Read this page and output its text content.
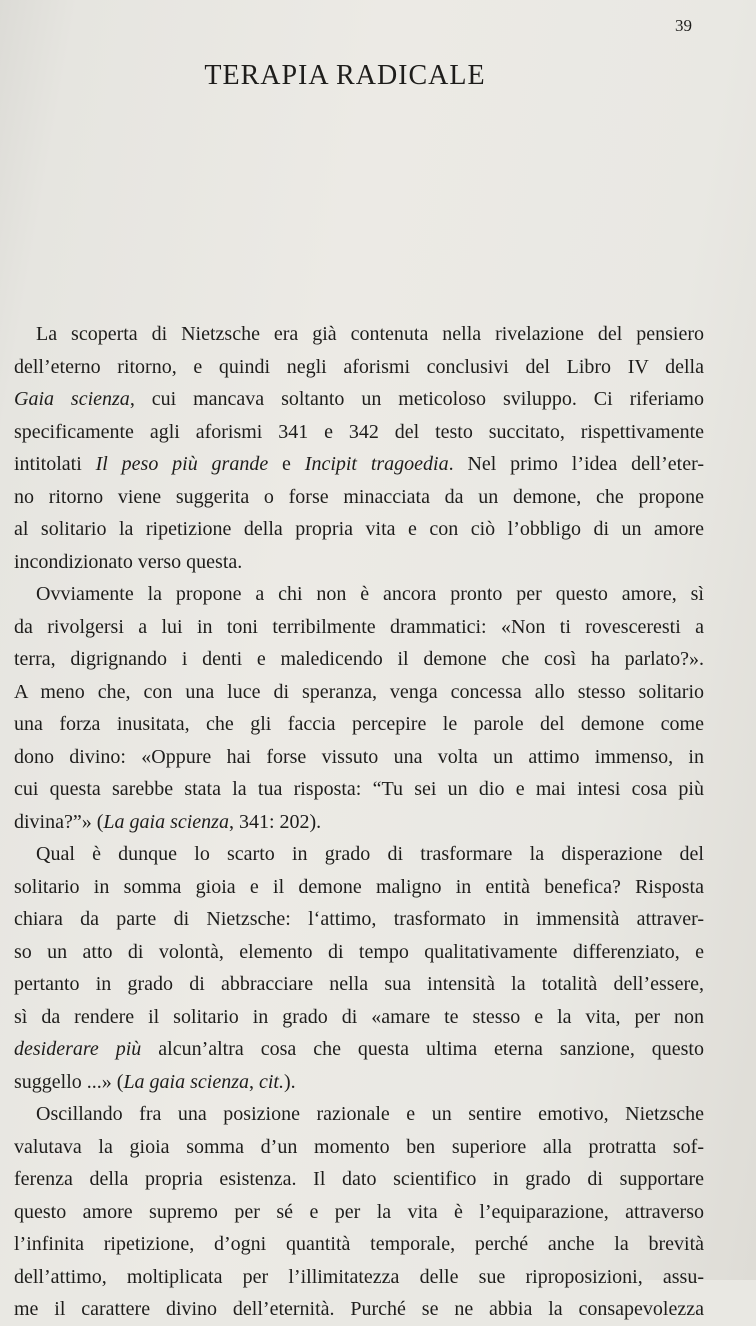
39
TERAPIA RADICALE
La scoperta di Nietzsche era già contenuta nella rivelazione del pensiero
dell’eterno ritorno, e quindi negli aforismi conclusivi del Libro IV della
Gaia scienza, cui mancava soltanto un meticoloso sviluppo. Ci riferiamo
specificamente agli aforismi 341 e 342 del testo succitato, rispettivamente
intitolati Il peso più grande e Incipit tragoedia. Nel primo l’idea dell’eter-
no ritorno viene suggerita o forse minacciata da un demone, che propone
al solitario la ripetizione della propria vita e con ciò l’obbligo di un amore
incondizionato verso questa.
Ovviamente la propone a chi non è ancora pronto per questo amore, sì
da rivolgersi a lui in toni terribilmente drammatici: «Non ti rovesceresti a
terra, digrignando i denti e maledicendo il demone che così ha parlato?».
A meno che, con una luce di speranza, venga concessa allo stesso solitario
una forza inusitata, che gli faccia percepire le parole del demone come
dono divino: «Oppure hai forse vissuto una volta un attimo immenso, in
cui questa sarebbe stata la tua risposta: “Tu sei un dio e mai intesi cosa più
divina?”» (La gaia scienza, 341: 202).
Qual è dunque lo scarto in grado di trasformare la disperazione del
solitario in somma gioia e il demone maligno in entità benefica? Risposta
chiara da parte di Nietzsche: l‘attimo, trasformato in immensità attraver-
so un atto di volontà, elemento di tempo qualitativamente differenziato, e
pertanto in grado di abbracciare nella sua intensità la totalità dell’essere,
sì da rendere il solitario in grado di «amare te stesso e la vita, per non
desiderare più alcun’altra cosa che questa ultima eterna sanzione, questo
suggello ...» (La gaia scienza, cit.).
Oscillando fra una posizione razionale e un sentire emotivo, Nietzsche
valutava la gioia somma d’un momento ben superiore alla protratta sof-
ferenza della propria esistenza. Il dato scientifico in grado di supportare
questo amore supremo per sé e per la vita è l’equiparazione, attraverso
l’infinita ripetizione, d’ogni quantità temporale, perché anche la brevità
dell’attimo, moltiplicata per l’illimitatezza delle sue riproposizioni, assu-
me il carattere divino dell’eternità. Purché se ne abbia la consapevolezza
